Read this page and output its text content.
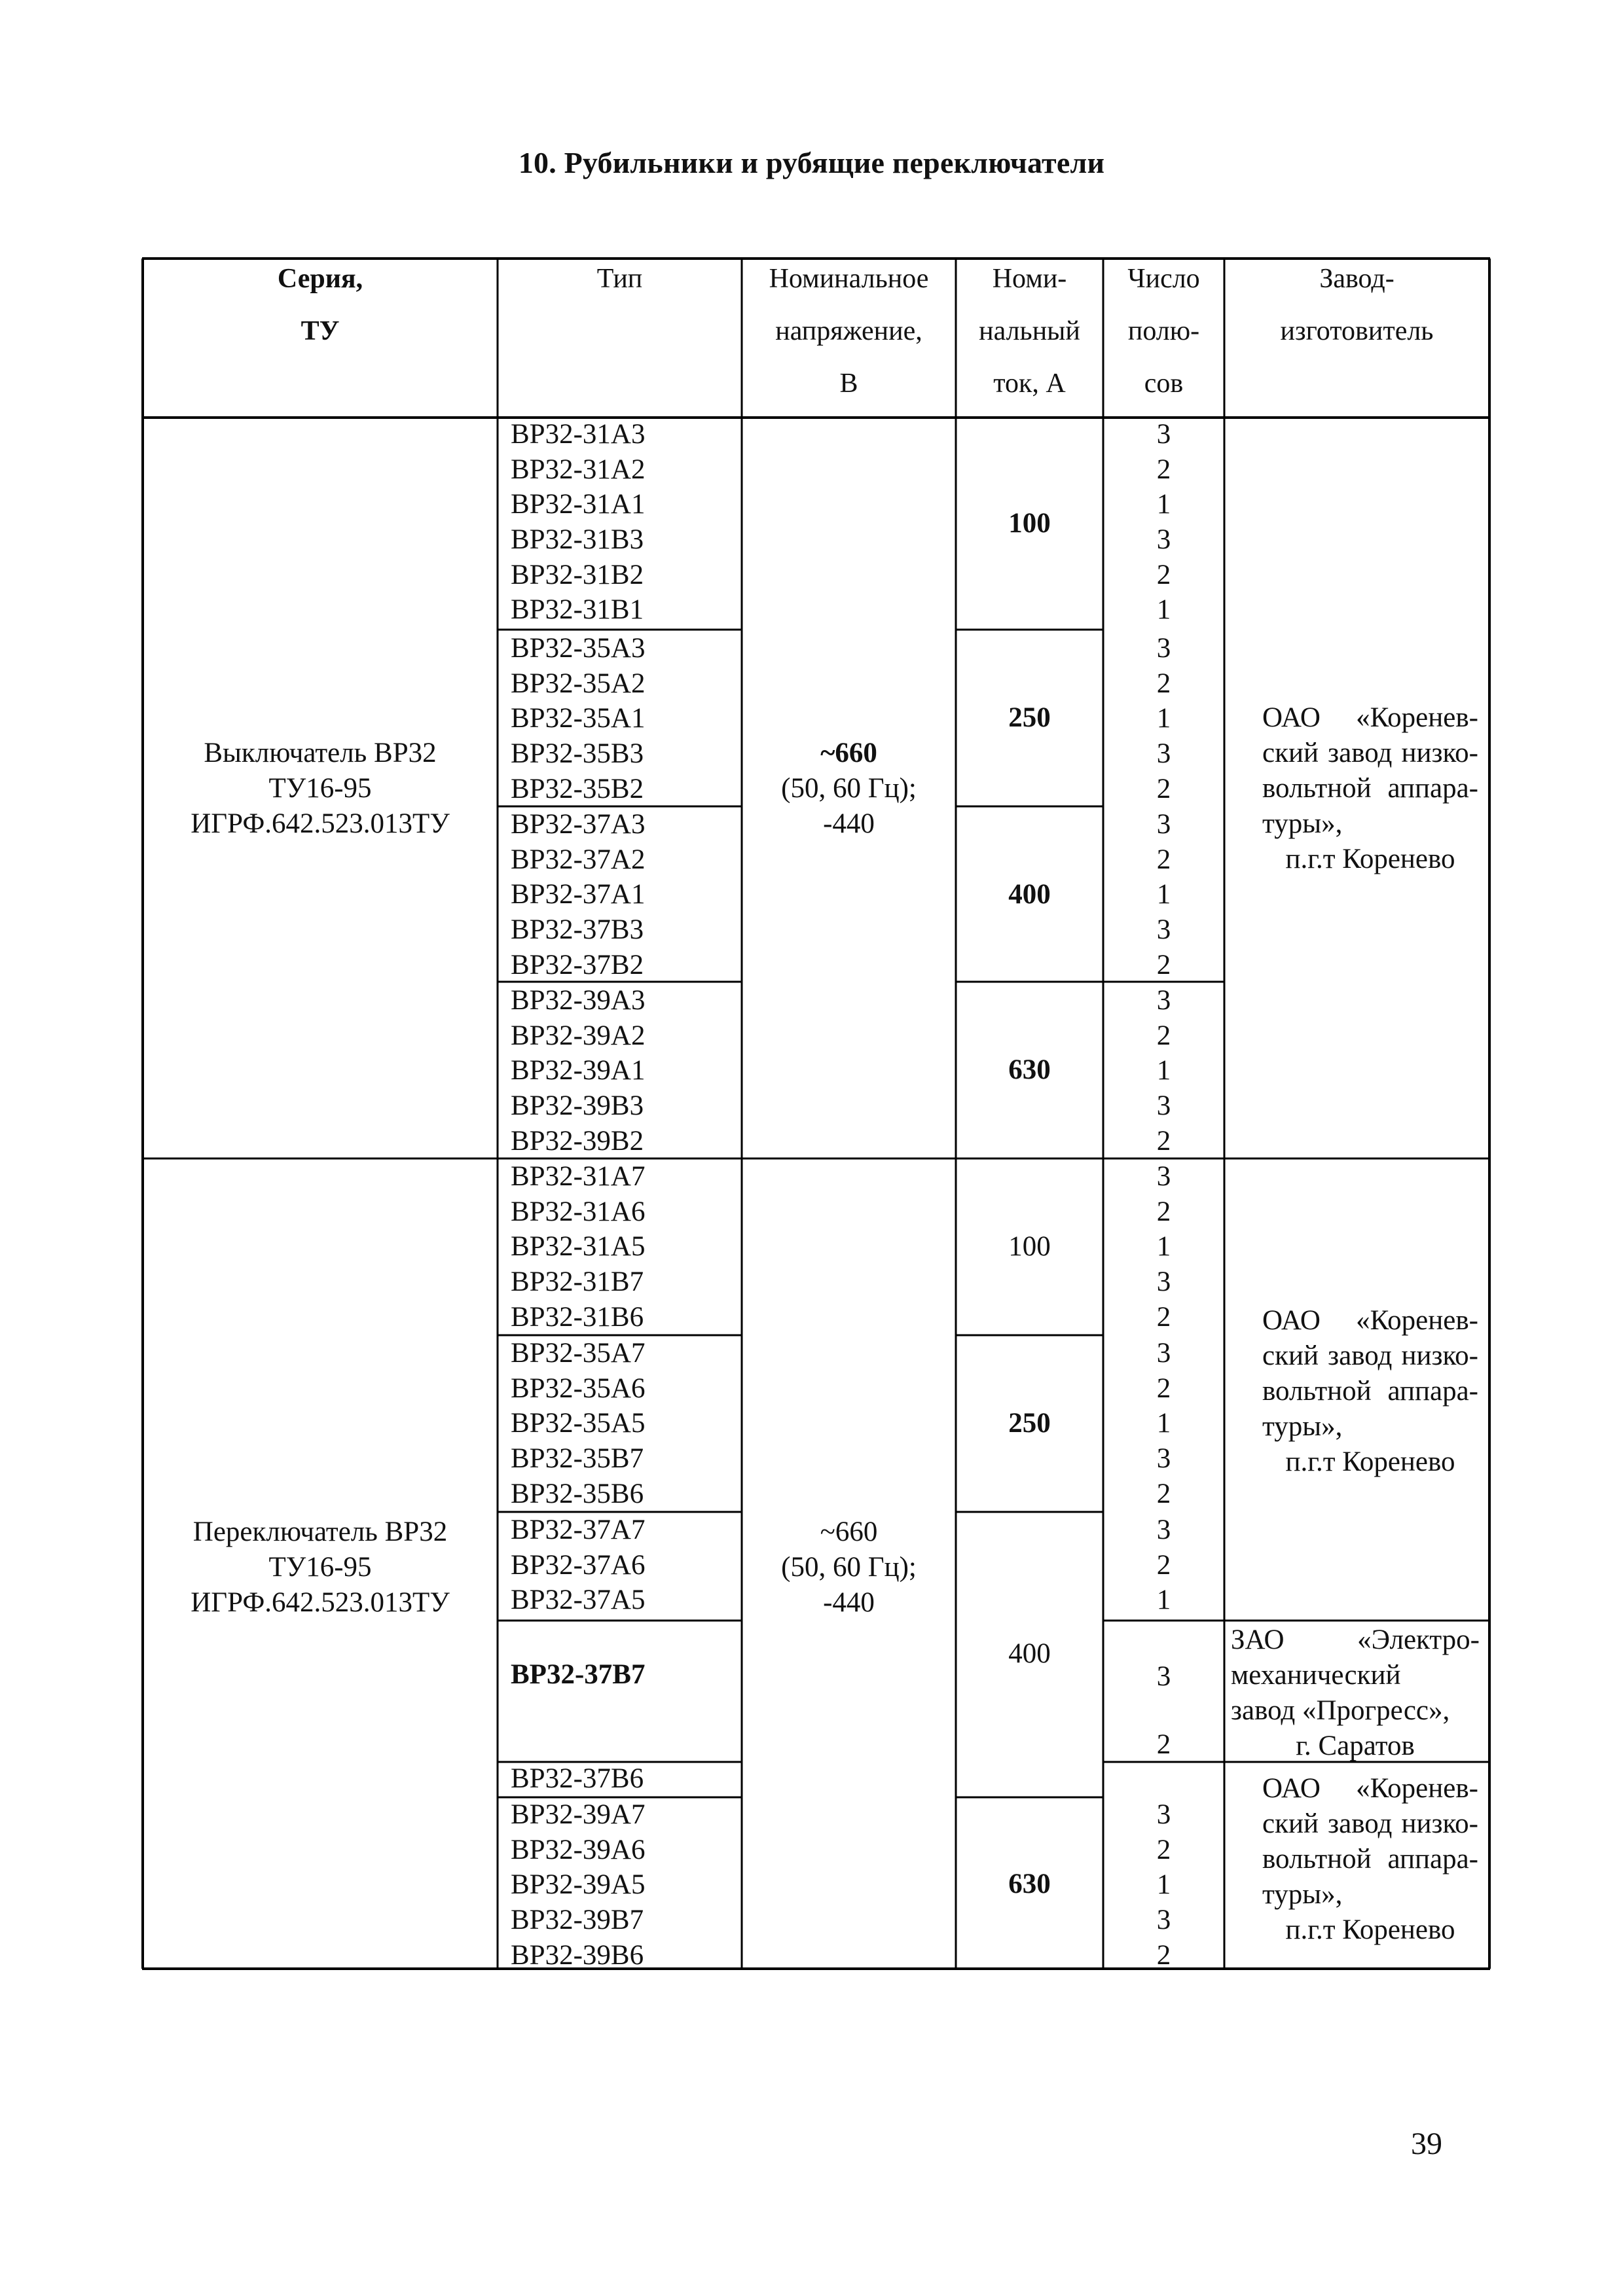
10. Рубильники и рубящие переключатели
Серия,
ТУ
Тип	Номинальное
напряжение,
В
Номи-
нальный
ток, А
Число
полю-
сов
Завод-
изготовитель
Выключатель ВР32
ТУ16-95
ИГРФ.642.523.013ТУ
~660
(50, 60 Гц);
-440
ОАО «Коренев-
ский завод низко-
вольтной аппара-
туры»,
п.г.т Коренево
ВР32-31А3
ВР32-31А2
ВР32-31А1
ВР32-31В3
ВР32-31В2
ВР32-31В1
3
2
1
3
2
1
100
ВР32-35А3
ВР32-35А2
ВР32-35А1
ВР32-35В3
ВР32-35В2
3
2
1
3
2
250
ВР32-37А3
ВР32-37А2
ВР32-37А1
ВР32-37В3
ВР32-37В2
3
2
1
3
2
400
ВР32-39А3
ВР32-39А2
ВР32-39А1
ВР32-39В3
ВР32-39В2
3
2
1
3
2
630
Переключатель ВР32
ТУ16-95
ИГРФ.642.523.013ТУ
~660
(50, 60 Гц);
-440
ОАО «Коренев-
ский завод низко-
вольтной аппара-
туры»,
п.г.т Коренево
ЗАО «Электро-
механический
завод «Прогресс»,
г. Саратов
ОАО «Коренев-
ский завод низко-
вольтной аппара-
туры»,
п.г.т Коренево
ВР32-31А7
ВР32-31А6
ВР32-31А5
ВР32-31В7
ВР32-31В6
3
2
1
3
2
100
ВР32-35А7
ВР32-35А6
ВР32-35А5
ВР32-35В7
ВР32-35В6
3
2
1
3
2
250
ВР32-37А7
ВР32-37А6
ВР32-37А5
3
2
1
ВР32-37В7	3
2
ВР32-37В6
400
ВР32-39А7
ВР32-39А6
ВР32-39А5
ВР32-39В7
ВР32-39В6
3
2
1
3
2
630
39
